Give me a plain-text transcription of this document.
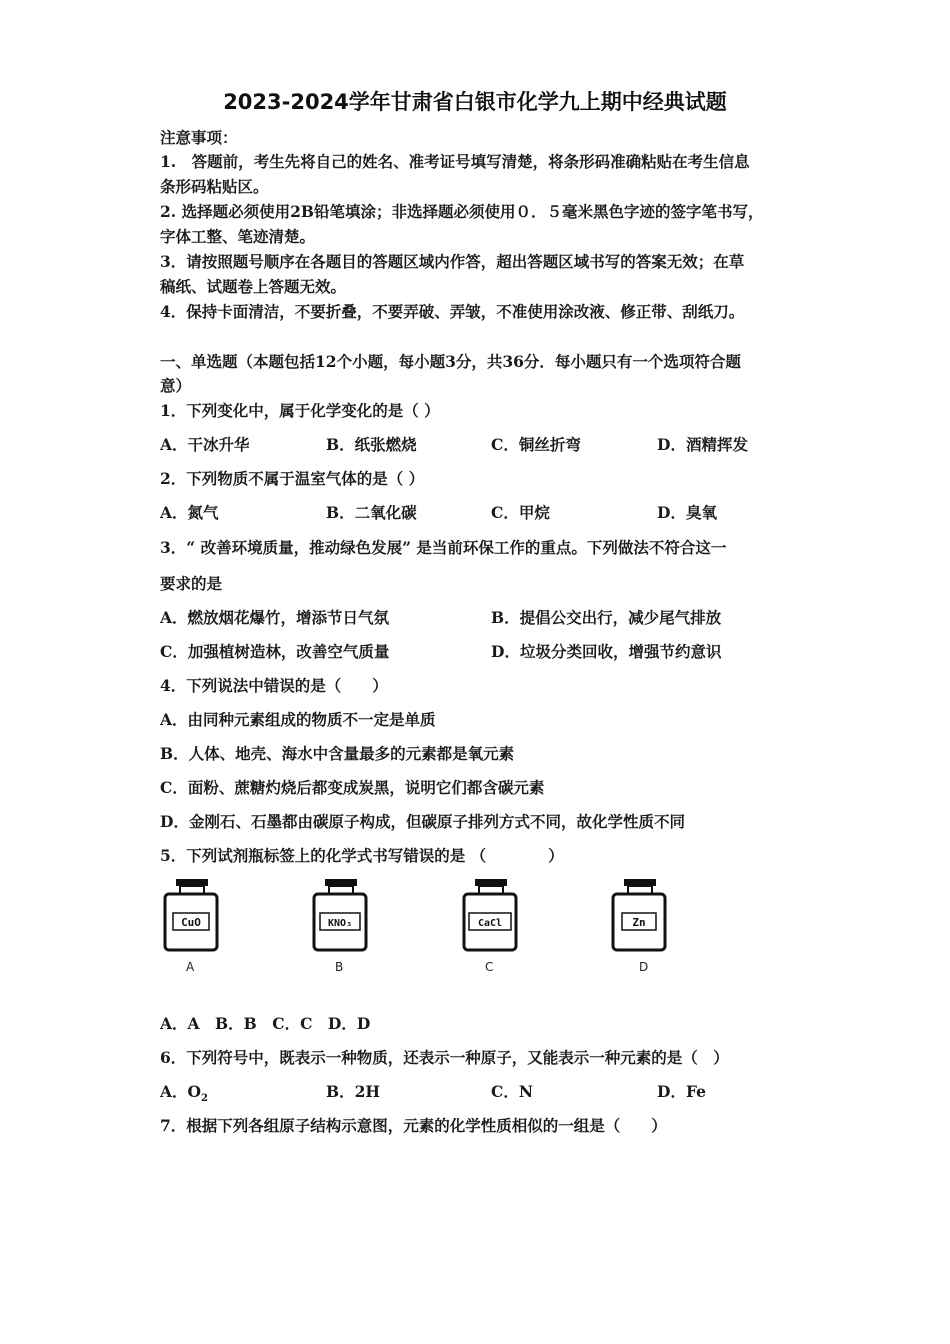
2023-2024学年甘肃省白银市化学九上期中经典试题
注意事项：
1.　答题前，考生先将自己的姓名、准考证号填写清楚，将条形码准确粘贴在考生信息
条形码粘贴区。
2. 选择题必须使用2B铅笔填涂；非选择题必须使用０．５毫米黑色字迹的签字笔书写，
字体工整、笔迹清楚。
3．请按照题号顺序在各题目的答题区域内作答，超出答题区域书写的答案无效；在草
稿纸、试题卷上答题无效。
4．保持卡面清洁，不要折叠，不要弄破、弄皱，不准使用涂改液、修正带、刮纸刀。
一、单选题（本题包括12个小题，每小题3分，共36分．每小题只有一个选项符合题
意）
1．下列变化中，属于化学变化的是（ ）
A．干冰升华	B．纸张燃烧	C．铜丝折弯	D．酒精挥发
2．下列物质不属于温室气体的是（ ）
A．氮气	B．二氧化碳	C．甲烷	D．臭氧
3．“ 改善环境质量，推动绿色发展” 是当前环保工作的重点。下列做法不符合这一
要求的是
A．燃放烟花爆竹，增添节日气氛	B．提倡公交出行，减少尾气排放
C．加强植树造林，改善空气质量	D．垃圾分类回收，增强节约意识
4．下列说法中错误的是（　　）
A．由同种元素组成的物质不一定是单质
B．人体、地壳、海水中含量最多的元素都是氧元素
C．面粉、蔗糖灼烧后都变成炭黑，说明它们都含碳元素
D．金刚石、石墨都由碳原子构成，但碳原子排列方式不同，故化学性质不同
5．下列试剂瓶标签上的化学式书写错误的是 （　　　　）
CuO
A
KNO₃
B
CaCl
C
Zn
D
A．A　B．B　C．C　D．D
6．下列符号中，既表示一种物质，还表示一种原子，又能表示一种元素的是（　）
A．$O_2$	B．2H	C．N	D．Fe
7．根据下列各组原子结构示意图，元素的化学性质相似的一组是（　　）
